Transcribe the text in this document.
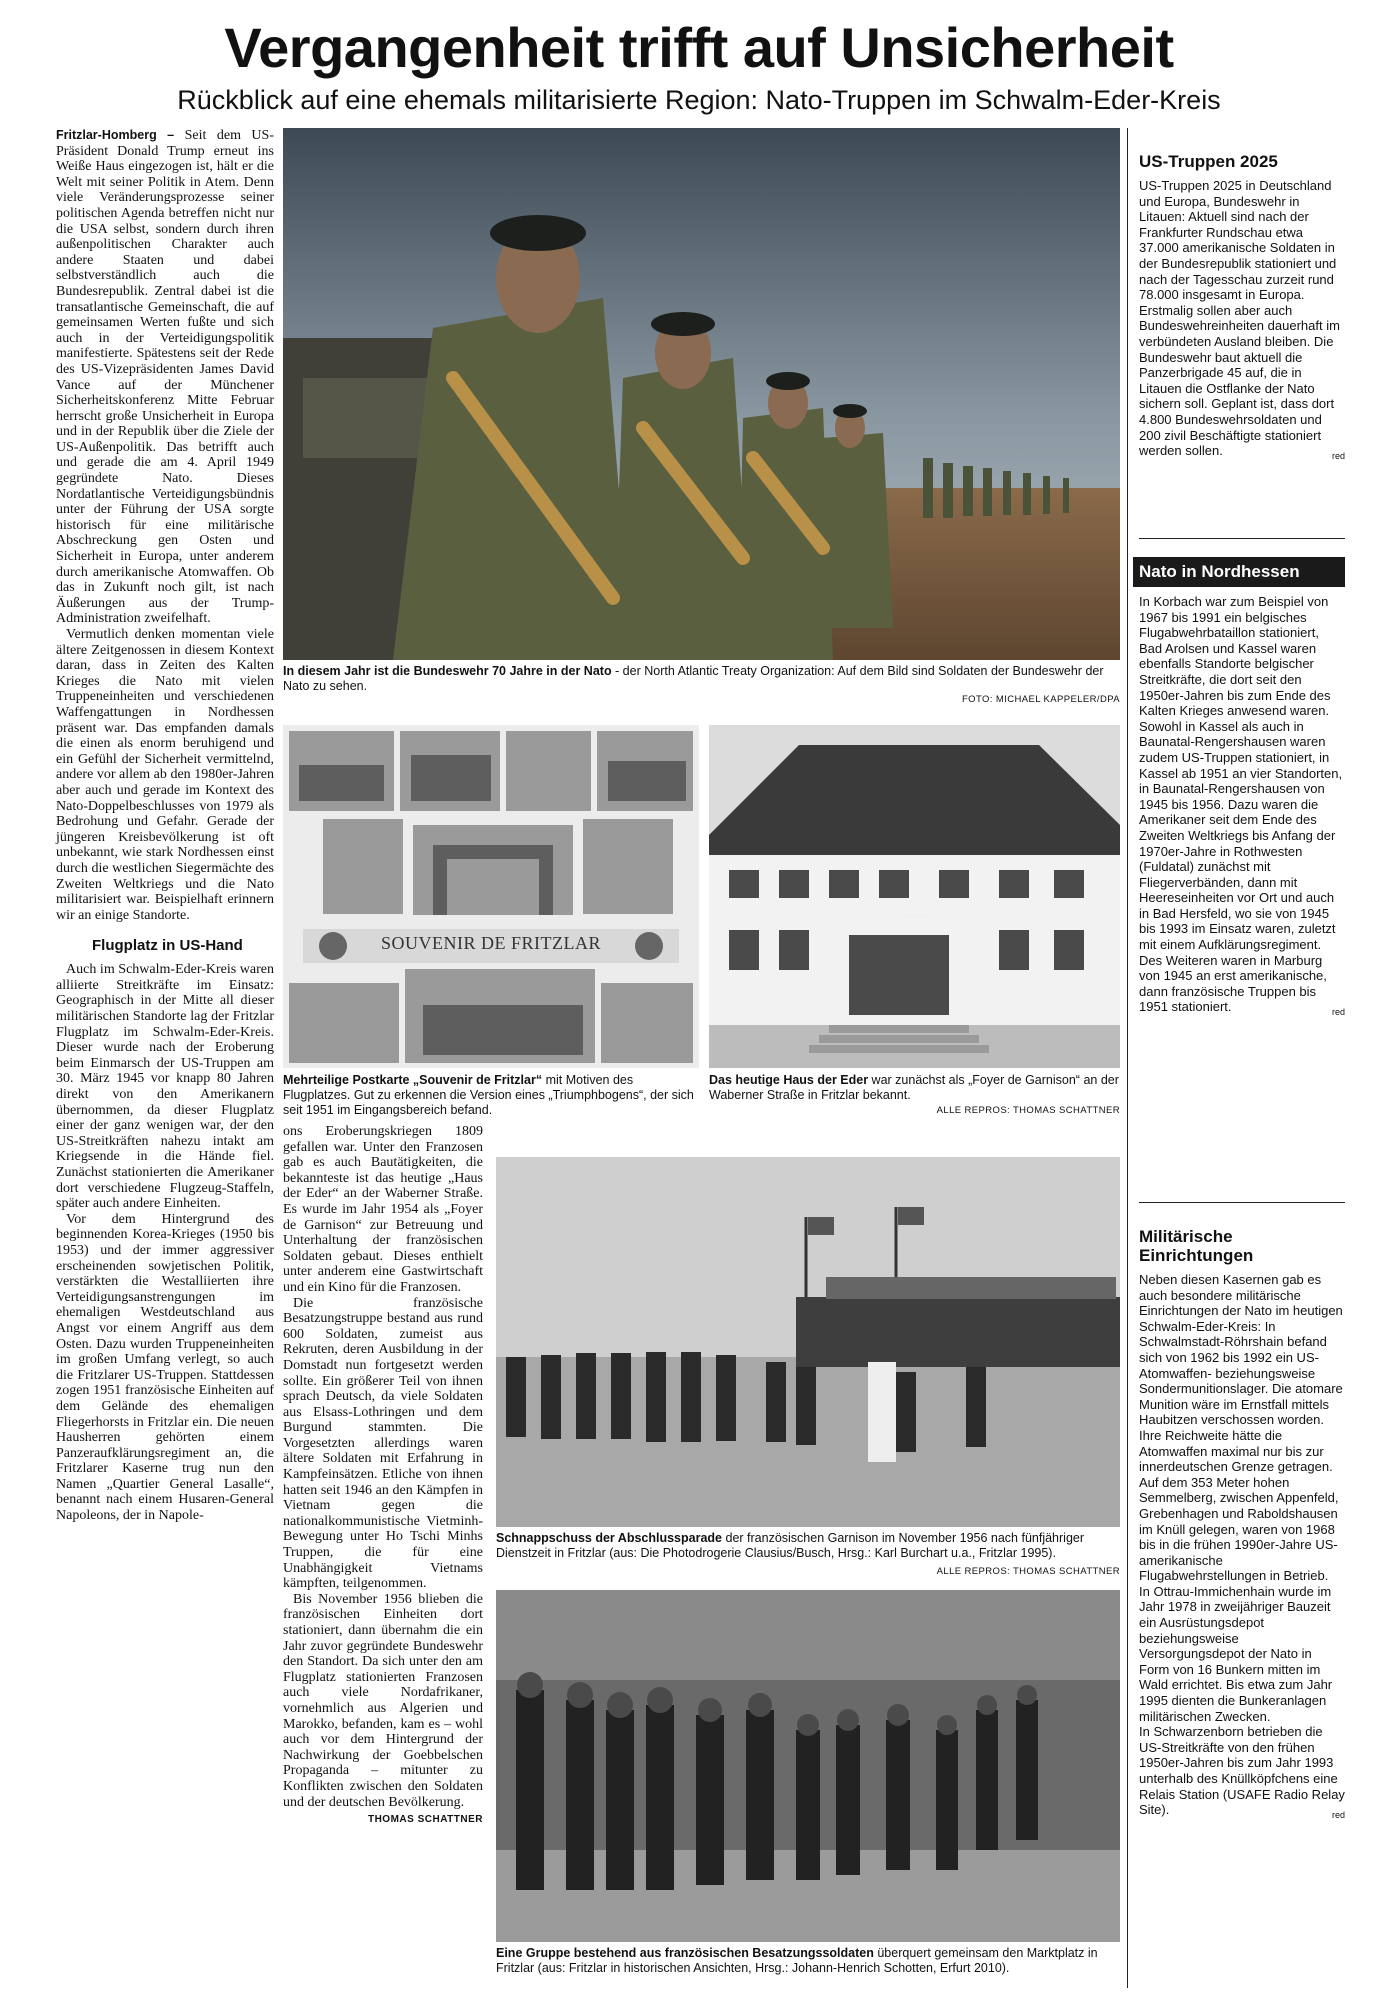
Vergangenheit trifft auf Unsicherheit
Rückblick auf eine ehemals militarisierte Region: Nato-Truppen im Schwalm-Eder-Kreis

Fritzlar-Homberg – Seit dem US-Präsident Donald Trump erneut ins Weiße Haus eingezogen ist, hält er die Welt mit seiner Politik in Atem. Denn viele Veränderungsprozesse seiner politischen Agenda betreffen nicht nur die USA selbst, sondern durch ihren außenpolitischen Charakter auch andere Staaten und dabei selbstverständlich auch die Bundesrepublik. Zentral dabei ist die transatlantische Gemeinschaft, die auf gemeinsamen Werten fußte und sich auch in der Verteidigungspolitik manifestierte. Spätestens seit der Rede des US-Vizepräsidenten James David Vance auf der Münchener Sicherheitskonferenz Mitte Februar herrscht große Unsicherheit in Europa und in der Republik über die Ziele der US-Außenpolitik. Das betrifft auch und gerade die am 4. April 1949 gegründete Nato. Dieses Nordatlantische Verteidigungsbündnis unter der Führung der USA sorgte historisch für eine militärische Abschreckung gen Osten und Sicherheit in Europa, unter anderem durch amerikanische Atomwaffen. Ob das in Zukunft noch gilt, ist nach Äußerungen aus der Trump-Administration zweifelhaft.

Vermutlich denken momentan viele ältere Zeitgenossen in diesem Kontext daran, dass in Zeiten des Kalten Krieges die Nato mit vielen Truppeneinheiten und verschiedenen Waffengattungen in Nordhessen präsent war. Das empfanden damals die einen als enorm beruhigend und ein Gefühl der Sicherheit vermittelnd, andere vor allem ab den 1980er-Jahren aber auch und gerade im Kontext des Nato-Doppelbeschlusses von 1979 als Bedrohung und Gefahr. Gerade der jüngeren Kreisbevölkerung ist oft unbekannt, wie stark Nordhessen einst durch die westlichen Siegermächte des Zweiten Weltkriegs und die Nato militarisiert war. Beispielhaft erinnern wir an einige Standorte.

Flugplatz in US-Hand

Auch im Schwalm-Eder-Kreis waren alliierte Streitkräfte im Einsatz: Geographisch in der Mitte all dieser militärischen Standorte lag der Fritzlar Flugplatz im Schwalm-Eder-Kreis. Dieser wurde nach der Eroberung beim Einmarsch der US-Truppen am 30. März 1945 vor knapp 80 Jahren direkt von den Amerikanern übernommen, da dieser Flugplatz einer der ganz wenigen war, der den US-Streitkräften nahezu intakt am Kriegsende in die Hände fiel. Zunächst stationierten die Amerikaner dort verschiedene Flugzeug-Staffeln, später auch andere Einheiten.

Vor dem Hintergrund des beginnenden Korea-Krieges (1950 bis 1953) und der immer aggressiver erscheinenden sowjetischen Politik, verstärkten die Westalliierten ihre Verteidigungsanstrengungen im ehemaligen Westdeutschland aus Angst vor einem Angriff aus dem Osten. Dazu wurden Truppeneinheiten im großen Umfang verlegt, so auch die Fritzlarer US-Truppen. Stattdessen zogen 1951 französische Einheiten auf dem Gelände des ehemaligen Fliegerhorsts in Fritzlar ein. Die neuen Hausherren gehörten einem Panzeraufklärungsregiment an, die Fritzlarer Kaserne trug nun den Namen „Quartier General Lasalle“, benannt nach einem Husaren-General Napoleons, der in Napole-

In diesem Jahr ist die Bundeswehr 70 Jahre in der Nato - der North Atlantic Treaty Organization: Auf dem Bild sind Soldaten der Bundeswehr der Nato zu sehen.
FOTO: MICHAEL KAPPELER/DPA
SOUVENIR DE FRITZLAR
Mehrteilige Postkarte „Souvenir de Fritzlar“ mit Motiven des Flugplatzes. Gut zu erkennen die Version eines „Triumphbogens“, der sich seit 1951 im Eingangsbereich befand.
FOYER DE GARNISON
Das heutige Haus der Eder war zunächst als „Foyer de Garnison“ an der Waberner Straße in Fritzlar bekannt.
ALLE REPROS: THOMAS SCHATTNER

ons Eroberungskriegen 1809 gefallen war. Unter den Franzosen gab es auch Bautätigkeiten, die bekannteste ist das heutige „Haus der Eder“ an der Waberner Straße. Es wurde im Jahr 1954 als „Foyer de Garnison“ zur Betreuung und Unterhaltung der französischen Soldaten gebaut. Dieses enthielt unter anderem eine Gastwirtschaft und ein Kino für die Franzosen.

Die französische Besatzungstruppe bestand aus rund 600 Soldaten, zumeist aus Rekruten, deren Ausbildung in der Domstadt nun fortgesetzt werden sollte. Ein größerer Teil von ihnen sprach Deutsch, da viele Soldaten aus Elsass-Lothringen und dem Burgund stammten. Die Vorgesetzten allerdings waren ältere Soldaten mit Erfahrung in Kampfeinsätzen. Etliche von ihnen hatten seit 1946 an den Kämpfen in Vietnam gegen die nationalkommunistische Vietminh-Bewegung unter Ho Tschi Minhs Truppen, die für eine Unabhängigkeit Vietnams kämpften, teilgenommen.

Bis November 1956 blieben die französischen Einheiten dort stationiert, dann übernahm die ein Jahr zuvor gegründete Bundeswehr den Standort. Da sich unter den am Flugplatz stationierten Franzosen auch viele Nordafrikaner, vornehmlich aus Algerien und Marokko, befanden, kam es – wohl auch vor dem Hintergrund der Nachwirkung der Goebbelschen Propaganda – mitunter zu Konflikten zwischen den Soldaten und der deutschen Bevölkerung.

THOMAS SCHATTNER
Schnappschuss der Abschlussparade der französischen Garnison im November 1956 nach fünfjähriger Dienstzeit in Fritzlar (aus: Die Photodrogerie Clausius/Busch, Hrsg.: Karl Burchart u.a., Fritzlar 1995).
ALLE REPROS: THOMAS SCHATTNER
Eine Gruppe bestehend aus französischen Besatzungssoldaten überquert gemeinsam den Marktplatz in Fritzlar (aus: Fritzlar in historischen Ansichten, Hrsg.: Johann-Henrich Schotten, Erfurt 2010).
US-Truppen 2025
US-Truppen 2025 in Deutschland und Europa, Bundeswehr in Litauen: Aktuell sind nach der Frankfurter Rundschau etwa 37.000 amerikanische Soldaten in der Bundesrepublik stationiert und nach der Tagesschau zurzeit rund 78.000 insgesamt in Europa. Erstmalig sollen aber auch Bundeswehreinheiten dauerhaft im verbündeten Ausland bleiben. Die Bundeswehr baut aktuell die Panzerbrigade 45 auf, die in Litauen die Ostflanke der Nato sichern soll. Geplant ist, dass dort 4.800 Bundeswehrsoldaten und 200 zivil Beschäftigte stationiert werden sollen.	red
Nato in Nordhessen
In Korbach war zum Beispiel von 1967 bis 1991 ein belgisches Flugabwehrbataillon stationiert, Bad Arolsen und Kassel waren ebenfalls Standorte belgischer Streitkräfte, die dort seit den 1950er-Jahren bis zum Ende des Kalten Krieges anwesend waren. Sowohl in Kassel als auch in Baunatal-Rengershausen waren zudem US-Truppen stationiert, in Kassel ab 1951 an vier Standorten, in Baunatal-Rengershausen von 1945 bis 1956. Dazu waren die Amerikaner seit dem Ende des Zweiten Weltkriegs bis Anfang der 1970er-Jahre in Rothwesten (Fuldatal) zunächst mit Fliegerverbänden, dann mit Heereseinheiten vor Ort und auch in Bad Hersfeld, wo sie von 1945 bis 1993 im Einsatz waren, zuletzt mit einem Aufklärungsregiment. Des Weiteren waren in Marburg von 1945 an erst amerikanische, dann französische Truppen bis 1951 stationiert.	red
Militärische Einrichtungen
Neben diesen Kasernen gab es auch besondere militärische Einrichtungen der Nato im heutigen Schwalm-Eder-Kreis: In Schwalmstadt-Röhrshain befand sich von 1962 bis 1992 ein US-Atomwaffen- beziehungsweise Sondermunitionslager. Die atomare Munition wäre im Ernstfall mittels Haubitzen verschossen worden. Ihre Reichweite hätte die Atomwaffen maximal nur bis zur innerdeutschen Grenze getragen.
Auf dem 353 Meter hohen Semmelberg, zwischen Appenfeld, Grebenhagen und Raboldshausen im Knüll gelegen, waren von 1968 bis in die frühen 1990er-Jahre US-amerikanische Flugabwehrstellungen in Betrieb.
In Ottrau-Immichenhain wurde im Jahr 1978 in zweijähriger Bauzeit ein Ausrüstungsdepot beziehungsweise Versorgungsdepot der Nato in Form von 16 Bunkern mitten im Wald errichtet. Bis etwa zum Jahr 1995 dienten die Bunkeranlagen militärischen Zwecken.
In Schwarzenborn betrieben die US-Streitkräfte von den frühen 1950er-Jahren bis zum Jahr 1993 unterhalb des Knüllköpfchens eine Relais Station (USAFE Radio Relay Site).	red
